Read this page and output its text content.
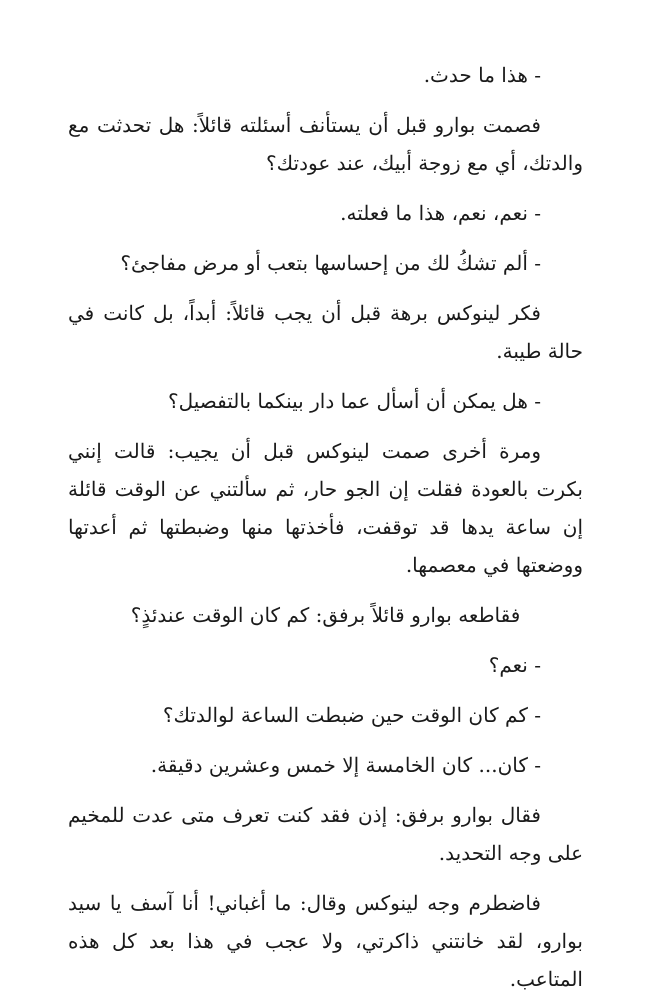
- هذا ما حدث.

فصمت بوارو قبل أن يستأنف أسئلته قائلاً: هل تحدثت مع والدتك، أي مع زوجة أبيك، عند عودتك؟

- نعم، نعم، هذا ما فعلته.

- ألم تشكُ لك من إحساسها بتعب أو مرض مفاجئ؟

فكر لينوكس برهة قبل أن يجب قائلاً: أبداً، بل كانت في حالة طيبة.

- هل يمكن أن أسأل عما دار بينكما بالتفصيل؟

ومرة أخرى صمت لينوكس قبل أن يجيب: قالت إنني بكرت بالعودة فقلت إن الجو حار، ثم سألتني عن الوقت قائلة إن ساعة يدها قد توقفت، فأخذتها منها وضبطتها ثم أعدتها ووضعتها في معصمها.

فقاطعه بوارو قائلاً برفق: كم كان الوقت عندئذٍ؟

- نعم؟

- كم كان الوقت حين ضبطت الساعة لوالدتك؟

- كان... كان الخامسة إلا خمس وعشرين دقيقة.

فقال بوارو برفق: إذن فقد كنت تعرف متى عدت للمخيم على وجه التحديد.

فاضطرم وجه لينوكس وقال: ما أغباني! أنا آسف يا سيد بوارو، لقد خانتني ذاكرتي، ولا عجب في هذا بعد كل هذه المتاعب.
